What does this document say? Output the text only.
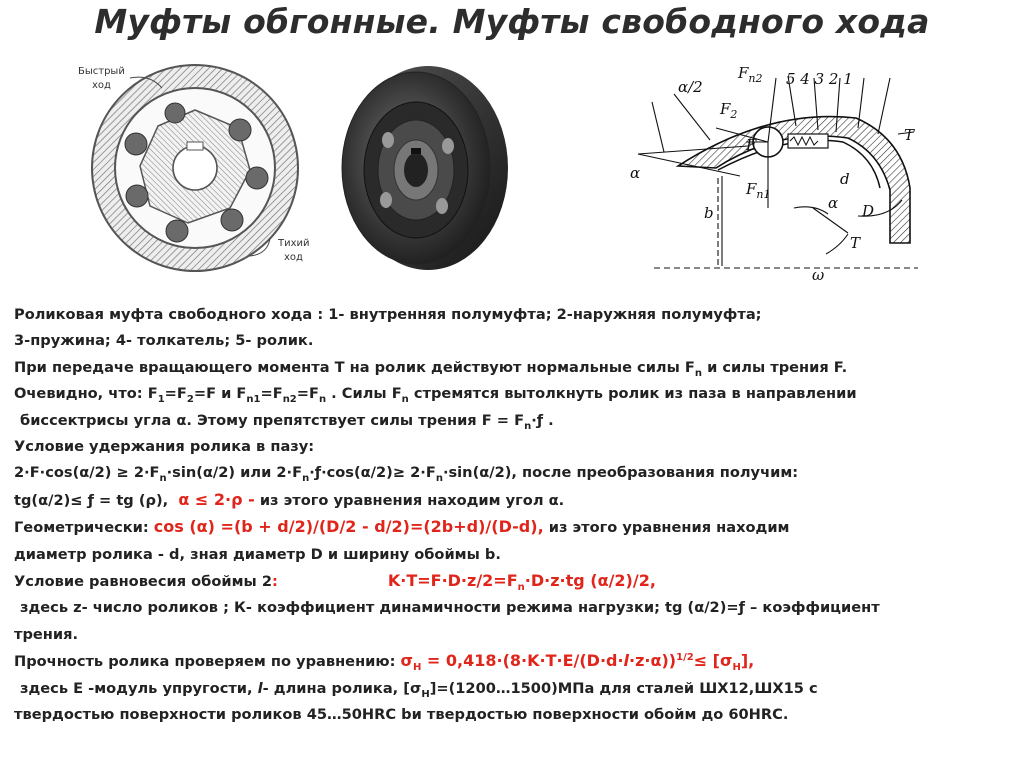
Муфты обгонные. Муфты свободного хода
Быстрый
ход
Тихий
ход
α/2
α
$F_2$
$F_{n2}$
F
$F_{n1}$
5 4 3 2 1
T
d
D
b
ω
T
α
Роликовая муфта свободного хода : 1- внутренняя полумуфта; 2-наружняя полумуфта;
3-пружина; 4- толкатель; 5- ролик.
При передаче вращающего момента Т на ролик действуют нормальные силы $F_n$ и силы трения F.
Очевидно, что: $F_1=F_2=F$ и $F_{n1}=F_{n2}=F_n$ . Силы $F_n$ стремятся вытолкнуть ролик из паза в направлении
биссектрисы угла α. Этому препятствует силы трения $F = F_n\cdot ƒ$ .
Условие удержания ролика в пазу:
$2\cdot F\cdot\cos(\alpha/2) \ge 2\cdot F_n\cdot\sin(\alpha/2)$ или $2\cdot F_n\cdot ƒ\cdot\cos(\alpha/2)\ge 2\cdot F_n\cdot\sin(\alpha/2)$, после преобразования получим:
tg(α/2)≤ ƒ = tg (ρ), α ≤ 2·ρ - из этого уравнения находим угол α.
Геометрически: cos (α) =(b + d/2)/(D/2 - d/2)=(2b+d)/(D-d), из этого уравнения находим
диаметр ролика - d, зная диаметр D и ширину обоймы b.
Условие равновесия обоймы 2:	$K\cdot T=F\cdot D\cdot z/2=F_n\cdot D\cdot z\cdot tg$ (α/2)/2,
здесь z- число роликов ; К- коэффициент динамичности режима нагрузки; tg (α/2)=ƒ – коэффициент
трения.
Прочность ролика проверяем по уравнению: $\sigma_H = 0,418\cdot(8\cdot K\cdot T\cdot E/(D\cdot d\cdot l\cdot z\cdot\alpha))^{1/2}\le [\sigma_H]$,
здесь Е -модуль упругости, l- длина ролика, $[\sigma_H]=(1200\dots 1500)МПа$ для сталей ШХ12,ШХ15 с
твердостью поверхности роликов 45…50HRC bи твердостью поверхности обойм до 60HRC.
